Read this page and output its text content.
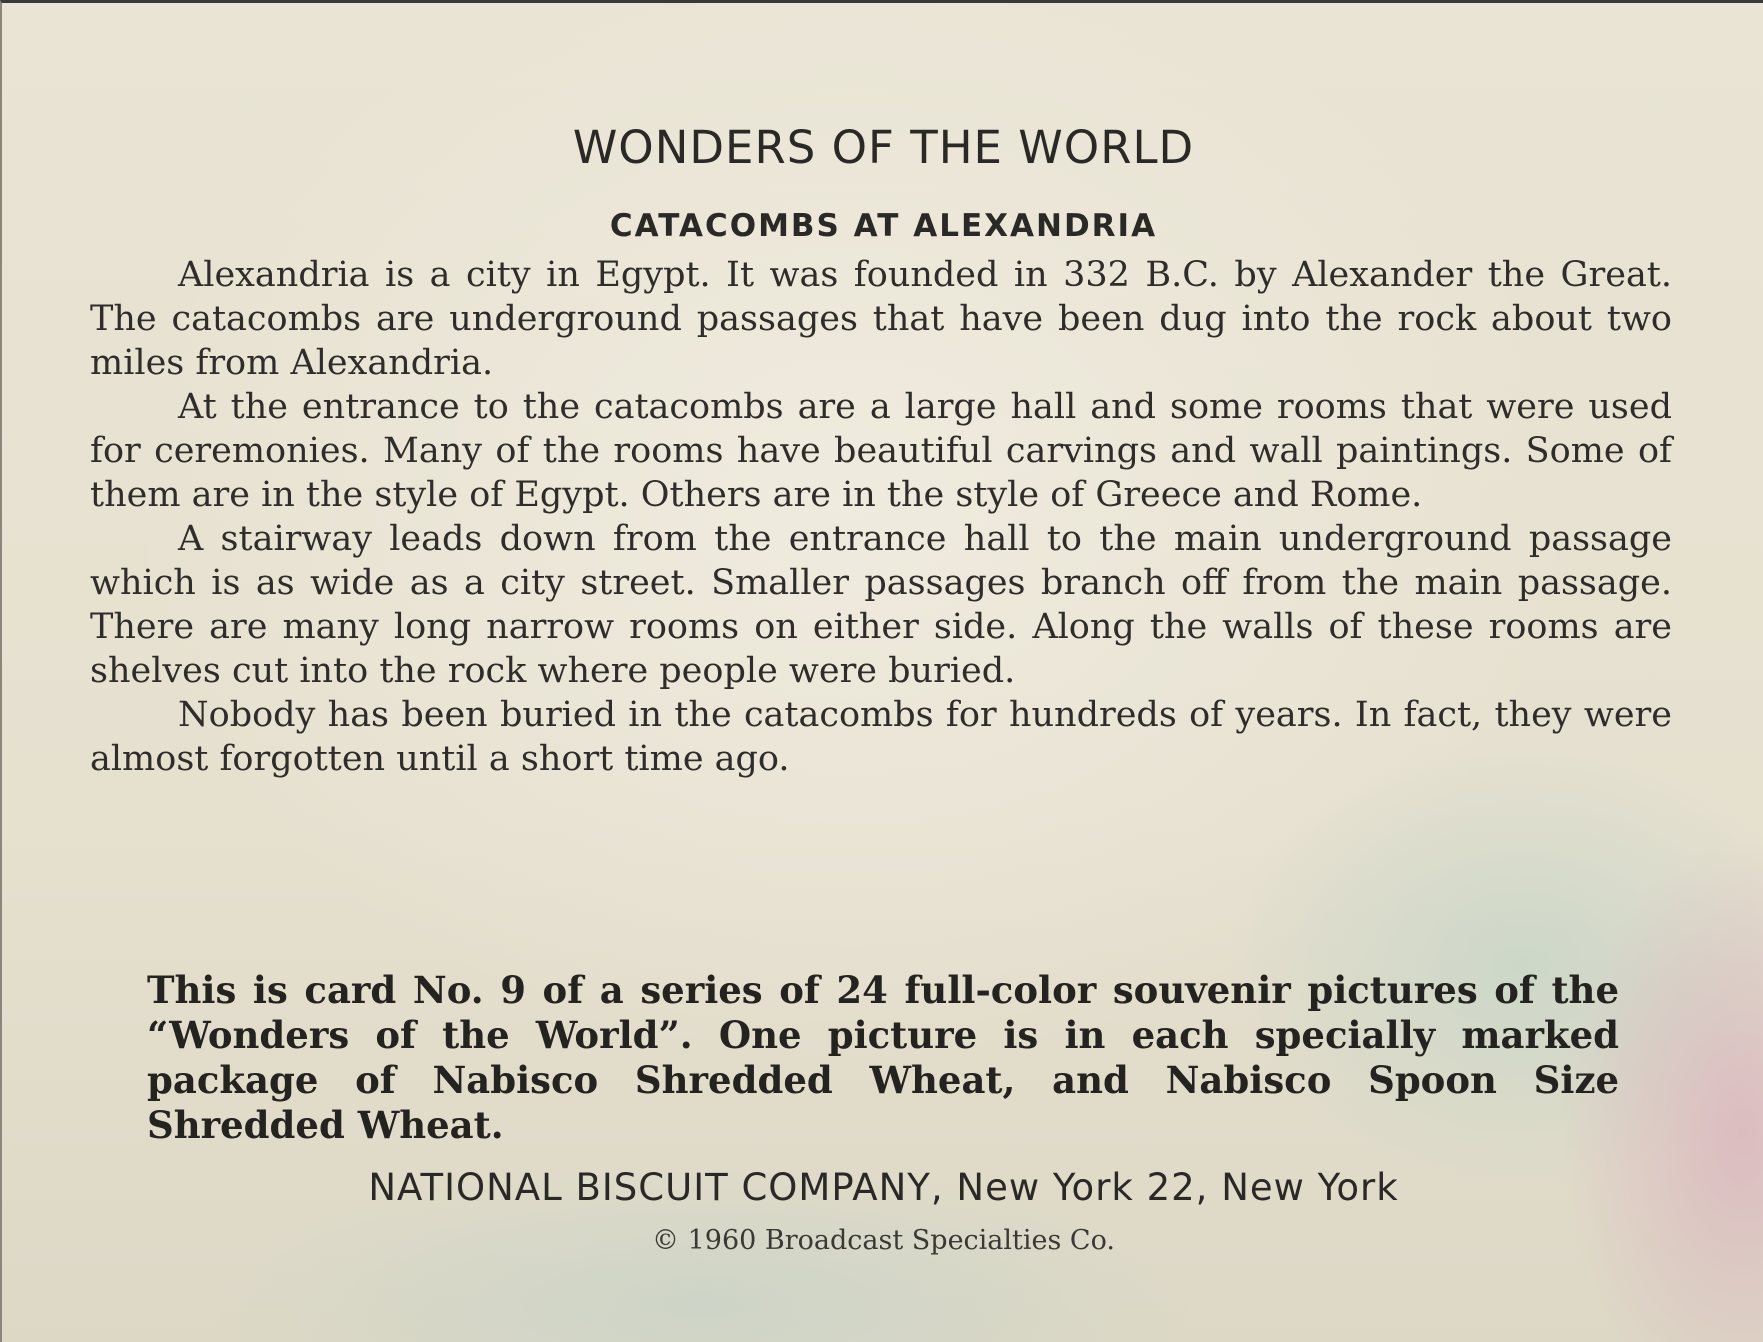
WONDERS OF THE WORLD
CATACOMBS AT ALEXANDRIA

Alexandria is a city in Egypt. It was founded in 332 B.C. by Alexander the Great. The catacombs are underground passages that have been dug into the rock about two miles from Alexandria.

At the entrance to the catacombs are a large hall and some rooms that were used for ceremonies. Many of the rooms have beautiful carvings and wall paintings. Some of them are in the style of Egypt. Others are in the style of Greece and Rome.

A stairway leads down from the entrance hall to the main underground passage which is as wide as a city street. Smaller passages branch off from the main passage. There are many long narrow rooms on either side. Along the walls of these rooms are shelves cut into the rock where people were buried.

Nobody has been buried in the catacombs for hundreds of years. In fact, they were almost forgotten until a short time ago.

This is card No. 9 of a series of 24 full-color souvenir pictures of the “Wonders of the World”. One picture is in each specially marked package of Nabisco Shredded Wheat, and Nabisco Spoon Size Shredded Wheat.

NATIONAL BISCUIT COMPANY, New York 22, New York

© 1960 Broadcast Specialties Co.
